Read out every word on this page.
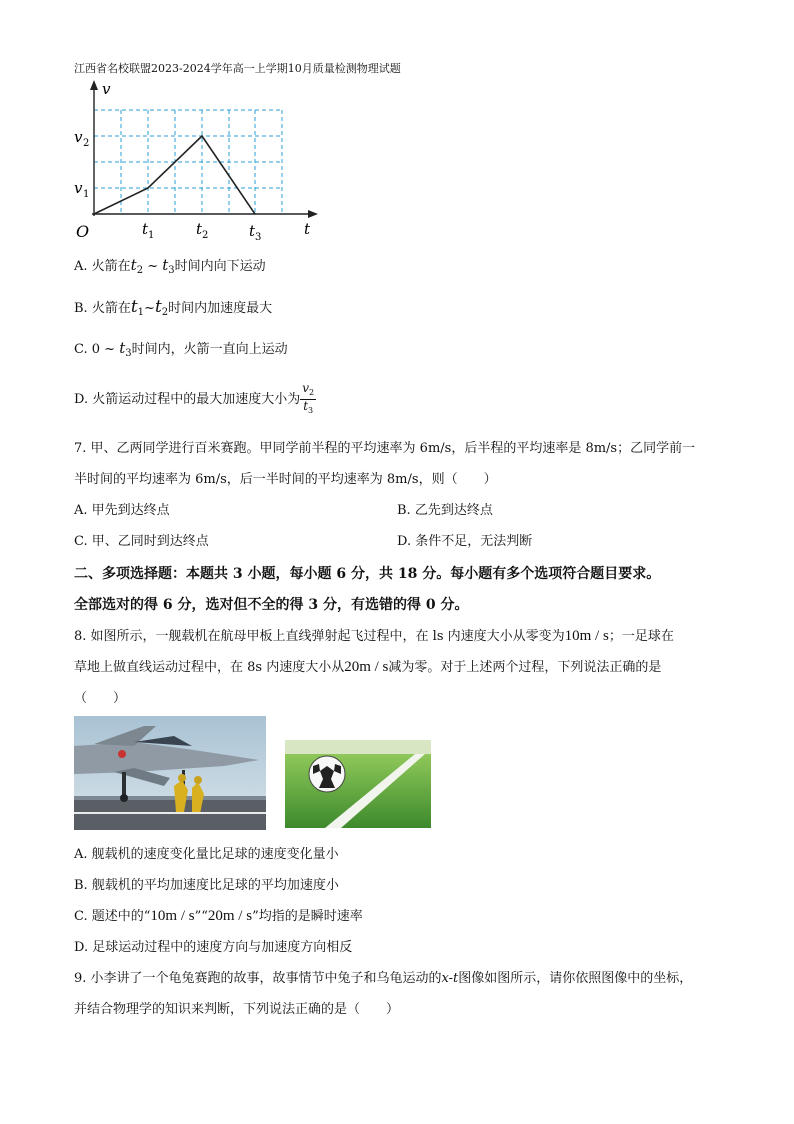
江西省名校联盟2023-2024学年高一上学期10月质量检测物理试题
v
t
O
v 2
v 1
t 1	t 2	t 3
A. 火箭在$t_2$ ~ $t_3$时间内向下运动
B. 火箭在$t_1\sim t_2$时间内加速度最大
C. 0 ~ $t_3$时间内，火箭一直向上运动
D. 火箭运动过程中的最大加速度大小为 $\frac{v_2}{t_3}$
7. 甲、乙两同学进行百米赛跑。甲同学前半程的平均速率为 6m/s，后半程的平均速率是 8m/s；乙同学前一
半时间的平均速率为 6m/s，后一半时间的平均速率为 8m/s，则（　　）
A. 甲先到达终点	B. 乙先到达终点
C. 甲、乙同时到达终点	D. 条件不足，无法判断
二、多项选择题：本题共 3 小题，每小题 6 分，共 18 分。每小题有多个选项符合题目要求。
全部选对的得 6 分，选对但不全的得 3 分，有选错的得 0 分。
8. 如图所示，一舰载机在航母甲板上直线弹射起飞过程中，在 ls 内速度大小从零变为10m / s；一足球在
草地上做直线运动过程中，在 8s 内速度大小从20m / s减为零。对于上述两个过程，下列说法正确的是
（　　）
A. 舰载机的速度变化量比足球的速度变化量小
B. 舰载机的平均加速度比足球的平均加速度小
C. 题述中的“10m / s”“20m / s”均指的是瞬时速率
D. 足球运动过程中的速度方向与加速度方向相反
9. 小李讲了一个龟兔赛跑的故事，故事情节中兔子和乌龟运动的x-t图像如图所示，请你依照图像中的坐标，
并结合物理学的知识来判断，下列说法正确的是（　　）
